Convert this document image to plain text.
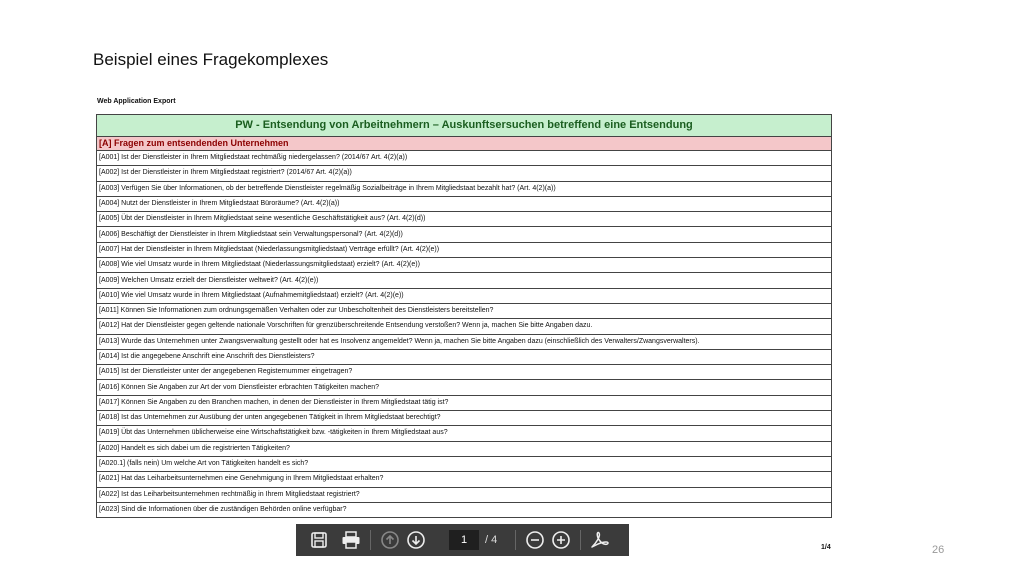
Beispiel eines Fragekomplexes
Web Application Export
PW - Entsendung von Arbeitnehmern – Auskunftsersuchen betreffend eine Entsendung
[A] Fragen zum entsendenden Unternehmen
[A001] Ist der Dienstleister in Ihrem Mitgliedstaat rechtmäßig niedergelassen? (2014/67 Art. 4(2)(a))
[A002] Ist der Dienstleister in Ihrem Mitgliedstaat registriert? (2014/67 Art. 4(2)(a))
[A003] Verfügen Sie über Informationen, ob der betreffende Dienstleister regelmäßig Sozialbeiträge in Ihrem Mitgliedstaat bezahlt hat? (Art. 4(2)(a))
[A004] Nutzt der Dienstleister in Ihrem Mitgliedstaat Büroräume? (Art. 4(2)(a))
[A005] Übt der Dienstleister in Ihrem Mitgliedstaat seine wesentliche Geschäftstätigkeit aus? (Art. 4(2)(d))
[A006] Beschäftigt der Dienstleister in Ihrem Mitgliedstaat sein Verwaltungspersonal? (Art. 4(2)(d))
[A007] Hat der Dienstleister in Ihrem Mitgliedstaat (Niederlassungsmitgliedstaat) Verträge erfüllt? (Art. 4(2)(e))
[A008] Wie viel Umsatz wurde in Ihrem Mitgliedstaat (Niederlassungsmitgliedstaat) erzielt? (Art. 4(2)(e))
[A009] Welchen Umsatz erzielt der Dienstleister weltweit? (Art. 4(2)(e))
[A010] Wie viel Umsatz wurde in Ihrem Mitgliedstaat (Aufnahmemitgliedstaat) erzielt? (Art. 4(2)(e))
[A011] Können Sie Informationen zum ordnungsgemäßen Verhalten oder zur Unbescholtenheit des Dienstleisters bereitstellen?
[A012] Hat der Dienstleister gegen geltende nationale Vorschriften für grenzüberschreitende Entsendung verstoßen? Wenn ja, machen Sie bitte Angaben dazu.
[A013] Wurde das Unternehmen unter Zwangsverwaltung gestellt oder hat es Insolvenz angemeldet? Wenn ja, machen Sie bitte Angaben dazu (einschließlich des Verwalters/Zwangsverwalters).
[A014] Ist die angegebene Anschrift eine Anschrift des Dienstleisters?
[A015] Ist der Dienstleister unter der angegebenen Registernummer eingetragen?
[A016] Können Sie Angaben zur Art der vom Dienstleister erbrachten Tätigkeiten machen?
[A017] Können Sie Angaben zu den Branchen machen, in denen der Dienstleister in Ihrem Mitgliedstaat tätig ist?
[A018] Ist das Unternehmen zur Ausübung der unten angegebenen Tätigkeit in Ihrem Mitgliedstaat berechtigt?
[A019] Übt das Unternehmen üblicherweise eine Wirtschaftstätigkeit bzw. -tätigkeiten in Ihrem Mitgliedstaat aus?
[A020] Handelt es sich dabei um die registrierten Tätigkeiten?
[A020.1] (falls nein) Um welche Art von Tätigkeiten handelt es sich?
[A021] Hat das Leiharbeitsunternehmen eine Genehmigung in Ihrem Mitgliedstaat erhalten?
[A022] Ist das Leiharbeitsunternehmen rechtmäßig in Ihrem Mitgliedstaat registriert?
[A023] Sind die Informationen über die zuständigen Behörden online verfügbar?
1
/ 4
1/4	26
